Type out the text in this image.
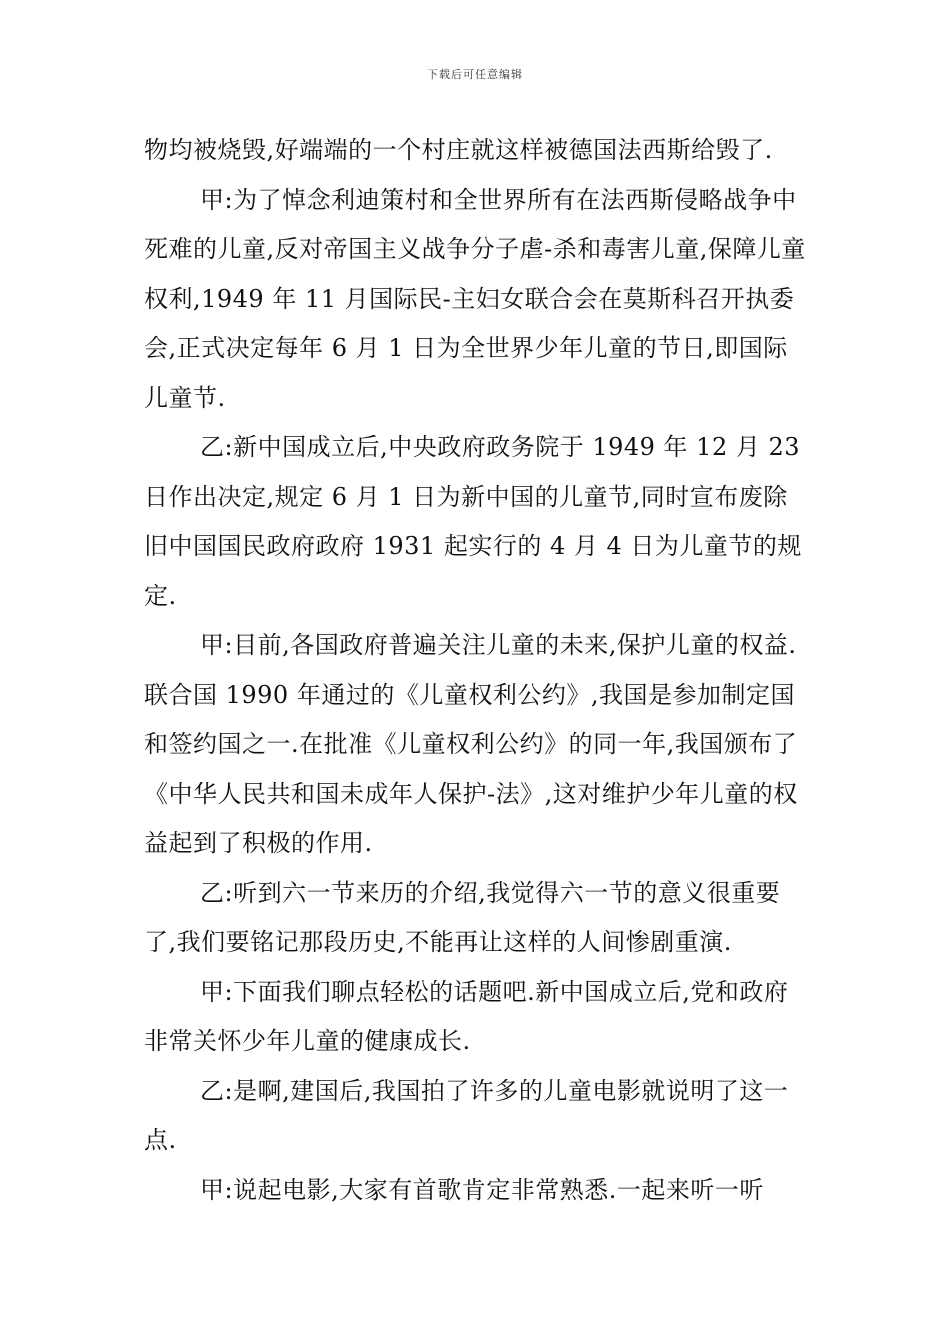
下载后可任意编辑

物均被烧毁,好端端的一个村庄就这样被德国法西斯给毁了.

甲:为了悼念利迪策村和全世界所有在法西斯侵略战争中死难的儿童,反对帝国主义战争分子虐-杀和毒害儿童,保障儿童权利,1949 年 11 月国际民-主妇女联合会在莫斯科召开执委会,正式决定每年 6 月 1 日为全世界少年儿童的节日,即国际儿童节.

乙:新中国成立后,中央政府政务院于 1949 年 12 月 23 日作出决定,规定 6 月 1 日为新中国的儿童节,同时宣布废除旧中国国民政府政府 1931 起实行的 4 月 4 日为儿童节的规定.

甲:目前,各国政府普遍关注儿童的未来,保护儿童的权益.联合国 1990 年通过的《儿童权利公约》,我国是参加制定国和签约国之一.在批准《儿童权利公约》的同一年,我国颁布了《中华人民共和国未成年人保护-法》,这对维护少年儿童的权益起到了积极的作用.

乙:听到六一节来历的介绍,我觉得六一节的意义很重要了,我们要铭记那段历史,不能再让这样的人间惨剧重演.

甲:下面我们聊点轻松的话题吧.新中国成立后,党和政府非常关怀少年儿童的健康成长.

乙:是啊,建国后,我国拍了许多的儿童电影就说明了这一点.

甲:说起电影,大家有首歌肯定非常熟悉.一起来听一听
